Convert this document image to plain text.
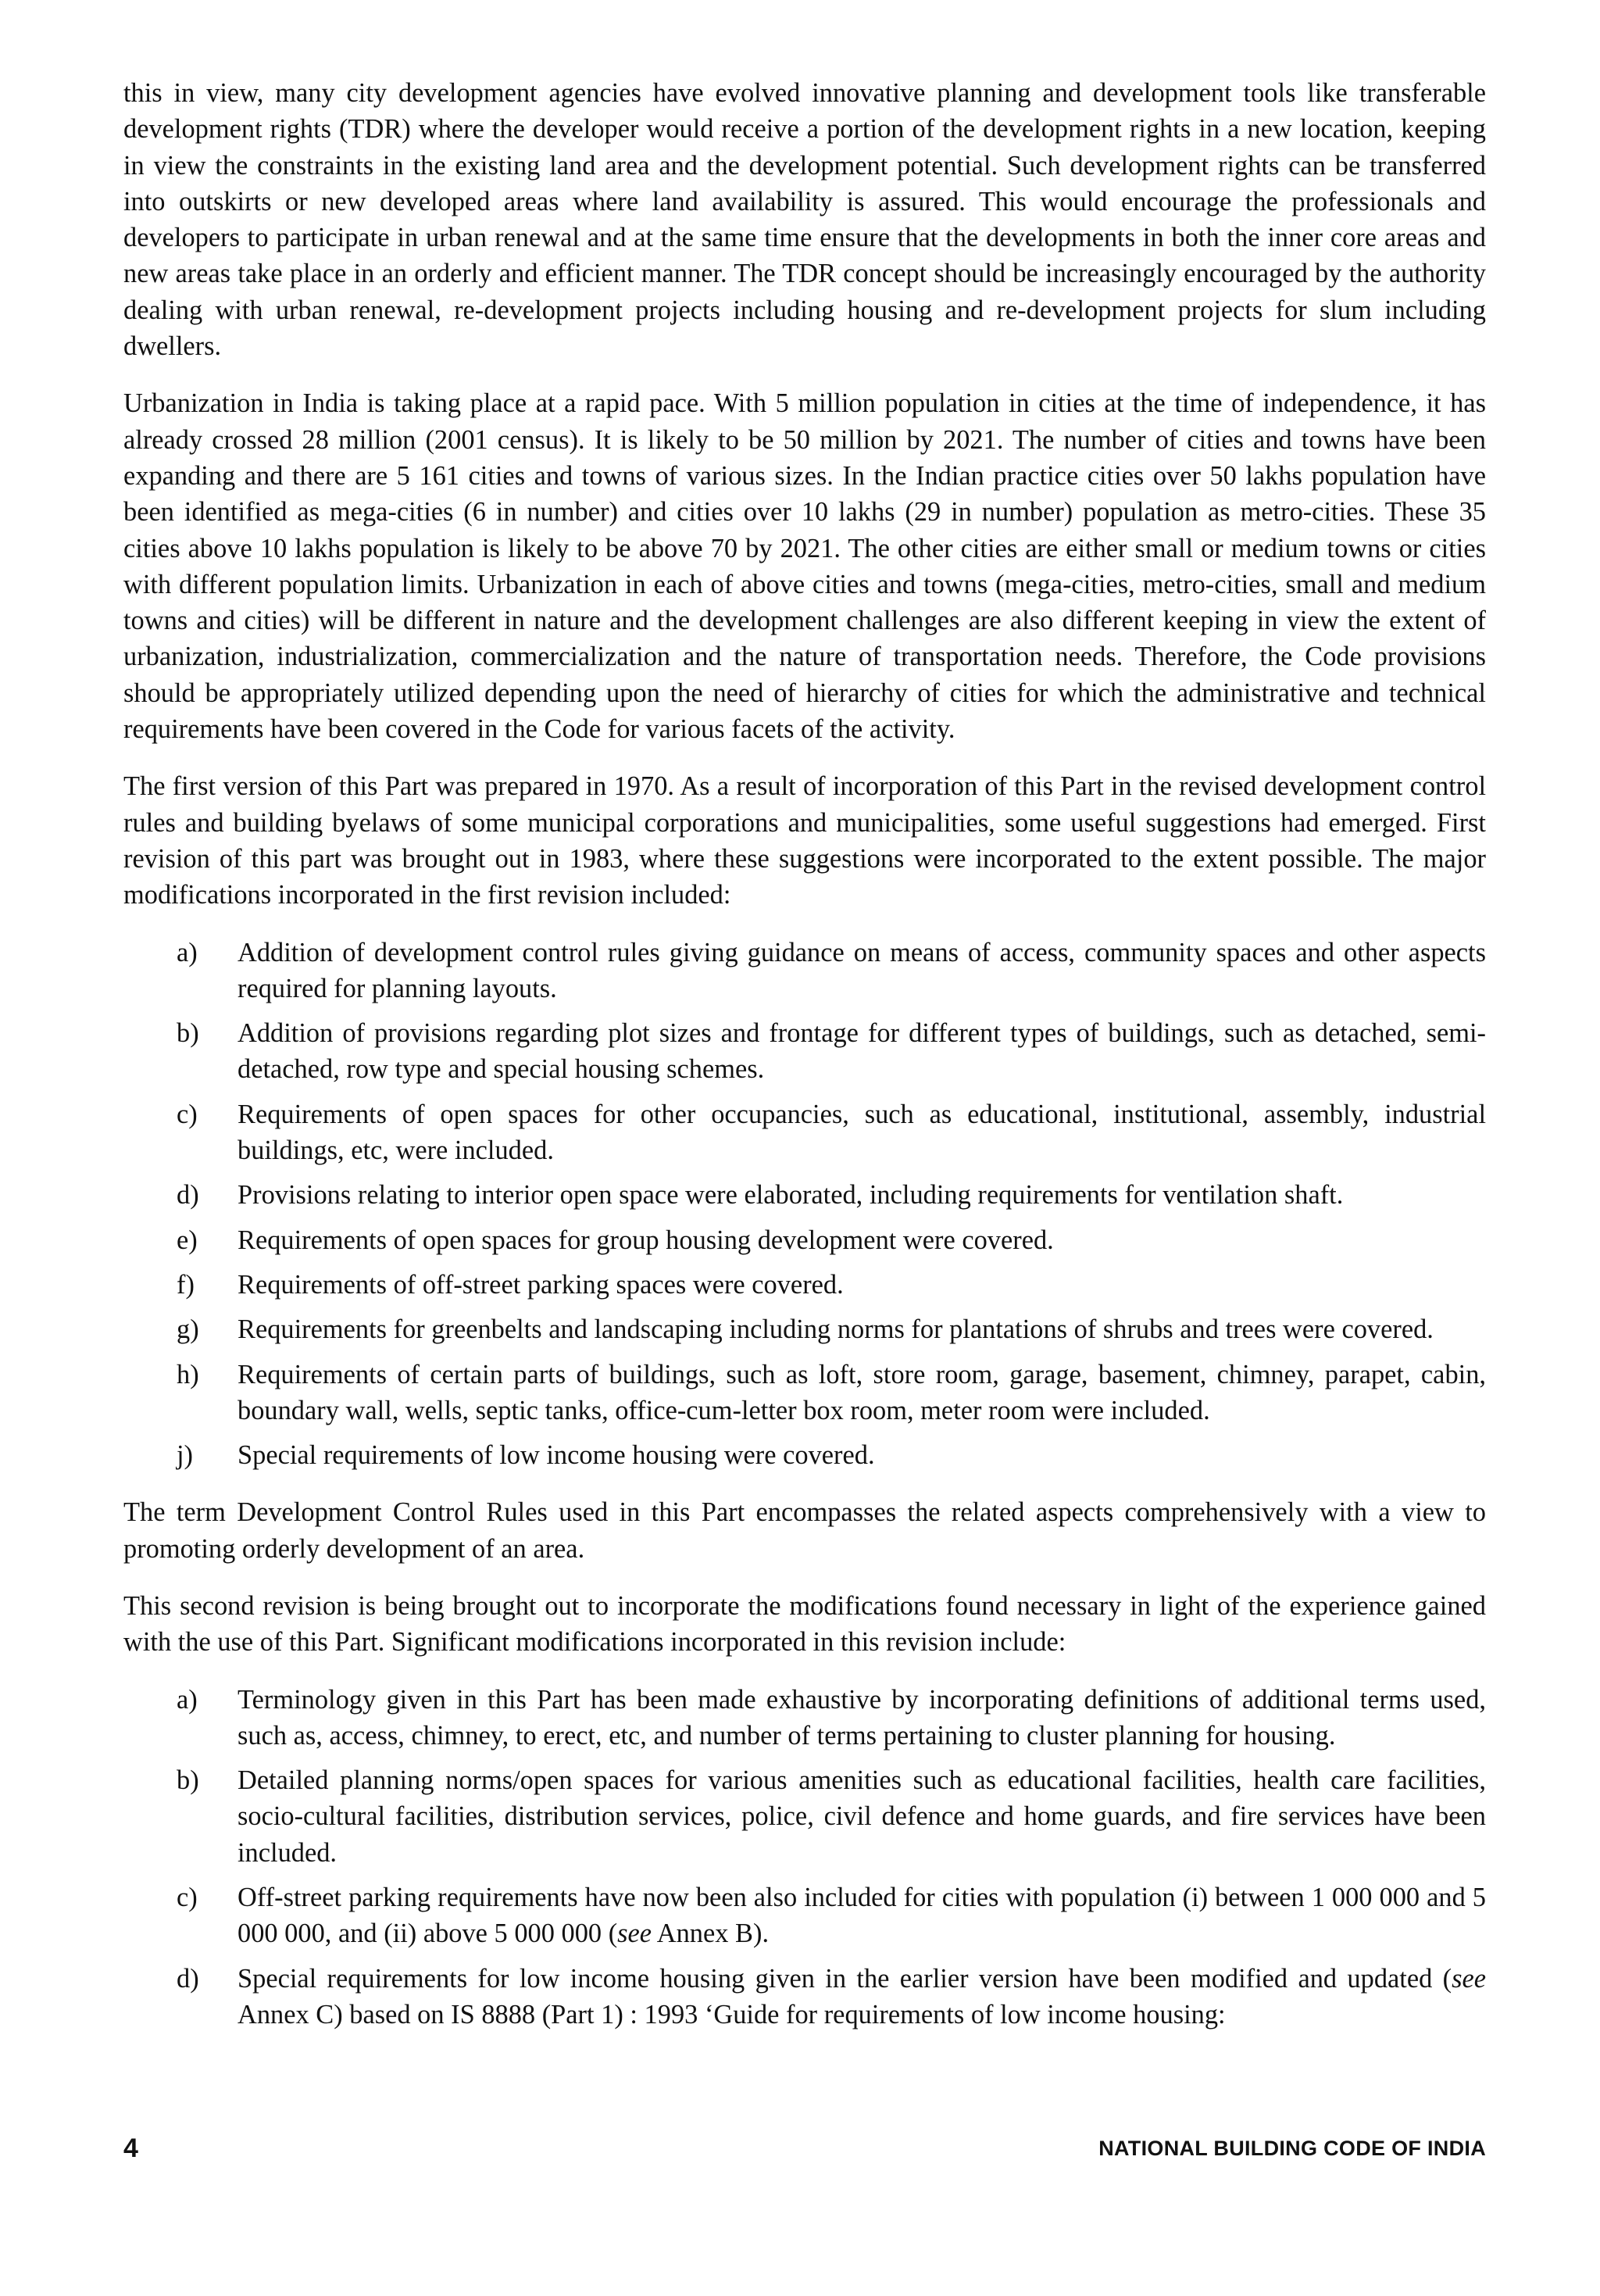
this in view, many city development agencies have evolved innovative planning and development tools like transferable development rights (TDR) where the developer would receive a portion of the development rights in a new location, keeping in view the constraints in the existing land area and the development potential. Such development rights can be transferred into outskirts or new developed areas where land availability is assured. This would encourage the professionals and developers to participate in urban renewal and at the same time ensure that the developments in both the inner core areas and new areas take place in an orderly and efficient manner. The TDR concept should be increasingly encouraged by the authority dealing with urban renewal, re-development projects including housing and re-development projects for slum including dwellers.

Urbanization in India is taking place at a rapid pace. With 5 million population in cities at the time of independence, it has already crossed 28 million (2001 census). It is likely to be 50 million by 2021. The number of cities and towns have been expanding and there are 5 161 cities and towns of various sizes. In the Indian practice cities over 50 lakhs population have been identified as mega-cities (6 in number) and cities over 10 lakhs (29 in number) population as metro-cities. These 35 cities above 10 lakhs population is likely to be above 70 by 2021. The other cities are either small or medium towns or cities with different population limits. Urbanization in each of above cities and towns (mega-cities, metro-cities, small and medium towns and cities) will be different in nature and the development challenges are also different keeping in view the extent of urbanization, industrialization, commercialization and the nature of transportation needs. Therefore, the Code provisions should be appropriately utilized depending upon the need of hierarchy of cities for which the administrative and technical requirements have been covered in the Code for various facets of the activity.

The first version of this Part was prepared in 1970. As a result of incorporation of this Part in the revised development control rules and building byelaws of some municipal corporations and municipalities, some useful suggestions had emerged. First revision of this part was brought out in 1983, where these suggestions were incorporated to the extent possible. The major modifications incorporated in the first revision included:

a) Addition of development control rules giving guidance on means of access, community spaces and other aspects required for planning layouts.
b) Addition of provisions regarding plot sizes and frontage for different types of buildings, such as detached, semi-detached, row type and special housing schemes.
c) Requirements of open spaces for other occupancies, such as educational, institutional, assembly, industrial buildings, etc, were included.
d) Provisions relating to interior open space were elaborated, including requirements for ventilation shaft.
e) Requirements of open spaces for group housing development were covered.
f) Requirements of off-street parking spaces were covered.
g) Requirements for greenbelts and landscaping including norms for plantations of shrubs and trees were covered.
h) Requirements of certain parts of buildings, such as loft, store room, garage, basement, chimney, parapet, cabin, boundary wall, wells, septic tanks, office-cum-letter box room, meter room were included.
j) Special requirements of low income housing were covered.

The term Development Control Rules used in this Part encompasses the related aspects comprehensively with a view to promoting orderly development of an area.

This second revision is being brought out to incorporate the modifications found necessary in light of the experience gained with the use of this Part. Significant modifications incorporated in this revision include:

a) Terminology given in this Part has been made exhaustive by incorporating definitions of additional terms used, such as, access, chimney, to erect, etc, and number of terms pertaining to cluster planning for housing.
b) Detailed planning norms/open spaces for various amenities such as educational facilities, health care facilities, socio-cultural facilities, distribution services, police, civil defence and home guards, and fire services have been included.
c) Off-street parking requirements have now been also included for cities with population (i) between 1 000 000 and 5 000 000, and (ii) above 5 000 000 (see Annex B).
d) Special requirements for low income housing given in the earlier version have been modified and updated (see Annex C) based on IS 8888 (Part 1) : 1993 ‘Guide for requirements of low income housing:
4	NATIONAL BUILDING CODE OF INDIA
